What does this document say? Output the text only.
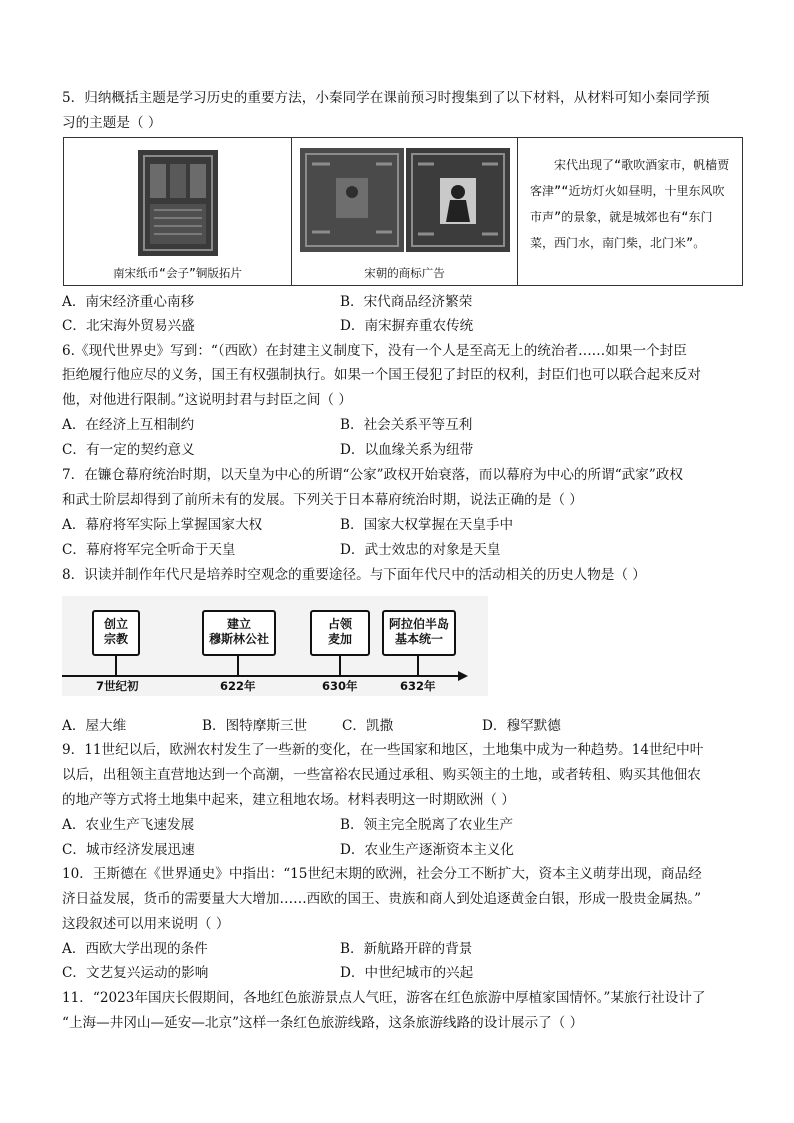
5．归纳概括主题是学习历史的重要方法，小秦同学在课前预习时搜集到了以下材料，从材料可知小秦同学预
习的主题是（ ）
南宋纸币“会子”铜版拓片	宋朝的商标广告
宋代出现了“歌吹酒家市，帆樯贾客津”“近坊灯火如昼明，十里东风吹市声”的景象，就是城郊也有“东门菜，西门水，南门柴，北门米”。
A．南宋经济重心南移	B．宋代商品经济繁荣
C．北宋海外贸易兴盛	D．南宋摒弃重农传统
6.《现代世界史》写到：“（西欧）在封建主义制度下，没有一个人是至高无上的统治者……如果一个封臣
拒绝履行他应尽的义务，国王有权强制执行。如果一个国王侵犯了封臣的权利，封臣们也可以联合起来反对
他，对他进行限制。”这说明封君与封臣之间（ ）
A．在经济上互相制约	B．社会关系平等互利
C．有一定的契约意义	D．以血缘关系为纽带
7．在镰仓幕府统治时期，以天皇为中心的所谓“公家”政权开始衰落，而以幕府为中心的所谓“武家”政权
和武士阶层却得到了前所未有的发展。下列关于日本幕府统治时期，说法正确的是（ ）
A．幕府将军实际上掌握国家大权	B．国家大权掌握在天皇手中
C．幕府将军完全听命于天皇	D．武士效忠的对象是天皇
8．识读并制作年代尺是培养时空观念的重要途径。与下面年代尺中的活动相关的历史人物是（ ）
创立
宗教
建立
穆斯林公社
占领
麦加
阿拉伯半岛
基本统一
7世纪初	622年	630年	632年
A．屋大维	B．图特摩斯三世	C．凯撒	D．穆罕默德
9．11世纪以后，欧洲农村发生了一些新的变化，在一些国家和地区，土地集中成为一种趋势。14世纪中叶
以后，出租领主直营地达到一个高潮，一些富裕农民通过承租、购买领主的土地，或者转租、购买其他佃农
的地产等方式将土地集中起来，建立租地农场。材料表明这一时期欧洲（ ）
A．农业生产飞速发展	B．领主完全脱离了农业生产
C．城市经济发展迅速	D．农业生产逐渐资本主义化
10．王斯德在《世界通史》中指出：“15世纪末期的欧洲，社会分工不断扩大，资本主义萌芽出现，商品经
济日益发展，货币的需要量大大增加……西欧的国王、贵族和商人到处追逐黄金白银，形成一股贵金属热。”
这段叙述可以用来说明（ ）
A．西欧大学出现的条件	B．新航路开辟的背景
C．文艺复兴运动的影响	D．中世纪城市的兴起
11．“2023年国庆长假期间，各地红色旅游景点人气旺，游客在红色旅游中厚植家国情怀。”某旅行社设计了
“上海—井冈山—延安—北京”这样一条红色旅游线路，这条旅游线路的设计展示了（ ）
